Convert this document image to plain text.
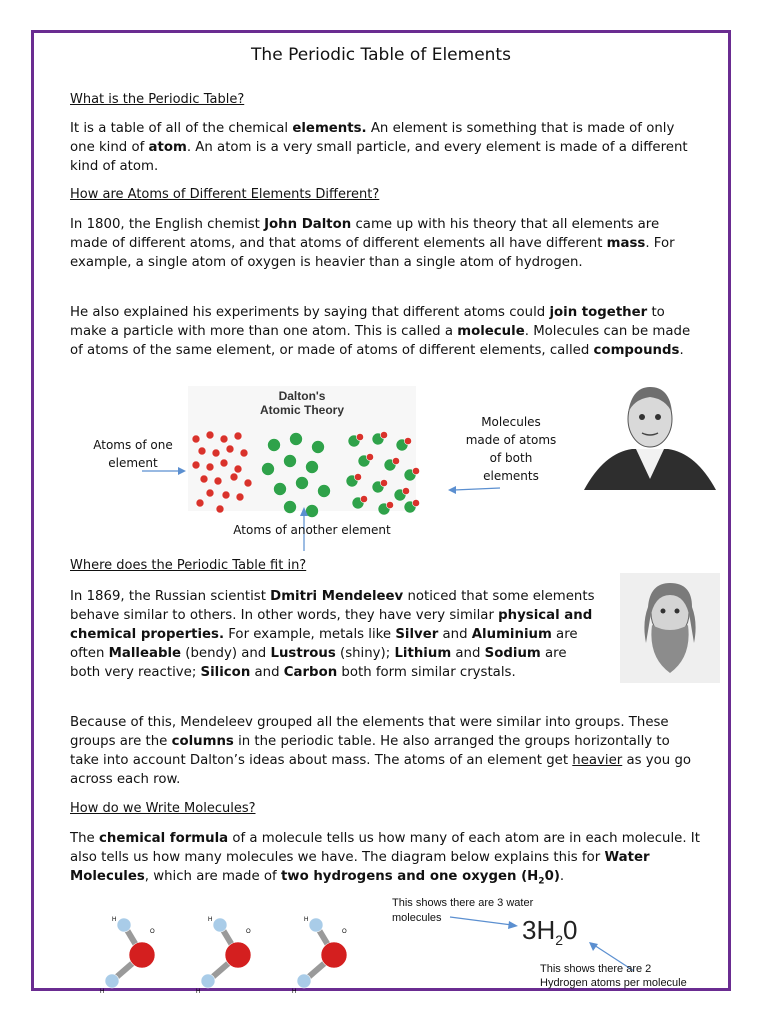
The Periodic Table of Elements
What is the Periodic Table?
It is a table of all of the chemical elements. An element is something that is made of only one kind of atom. An atom is a very small particle, and every element is made of a different kind of atom.
How are Atoms of Different Elements Different?
In 1800, the English chemist John Dalton came up with his theory that all elements are made of different atoms, and that atoms of different elements all have different mass. For example, a single atom of oxygen is heavier than a single atom of hydrogen.
He also explained his experiments by saying that different atoms could join together to make a particle with more than one atom. This is called a molecule. Molecules can be made of atoms of the same element, or made of atoms of different elements, called compounds.
Dalton's
Atomic Theory
Atoms of one
element
Molecules
made of atoms
of both
elements
Atoms of another element
Where does the Periodic Table fit in?
In 1869, the Russian scientist Dmitri Mendeleev noticed that some elements behave similar to others. In other words, they have very similar physical and chemical properties. For example, metals like Silver and Aluminium are often Malleable (bendy) and Lustrous (shiny); Lithium and Sodium are both very reactive; Silicon and Carbon both form similar crystals.
Because of this, Mendeleev grouped all the elements that were similar into groups. These groups are the columns in the periodic table. He also arranged the groups horizontally to take into account Dalton’s ideas about mass. The atoms of an element get heavier as you go across each row.
How do we Write Molecules?
The chemical formula of a molecule tells us how many of each atom are in each molecule. It also tells us how many molecules we have. The diagram below explains this for Water Molecules, which are made of two hydrogens and one oxygen $(H_20)$.
O
H
H
O
H
H
O
H
H
This shows there are 3 water
molecules	$3H_20$
This shows there are 2
Hydrogen atoms per molecule
